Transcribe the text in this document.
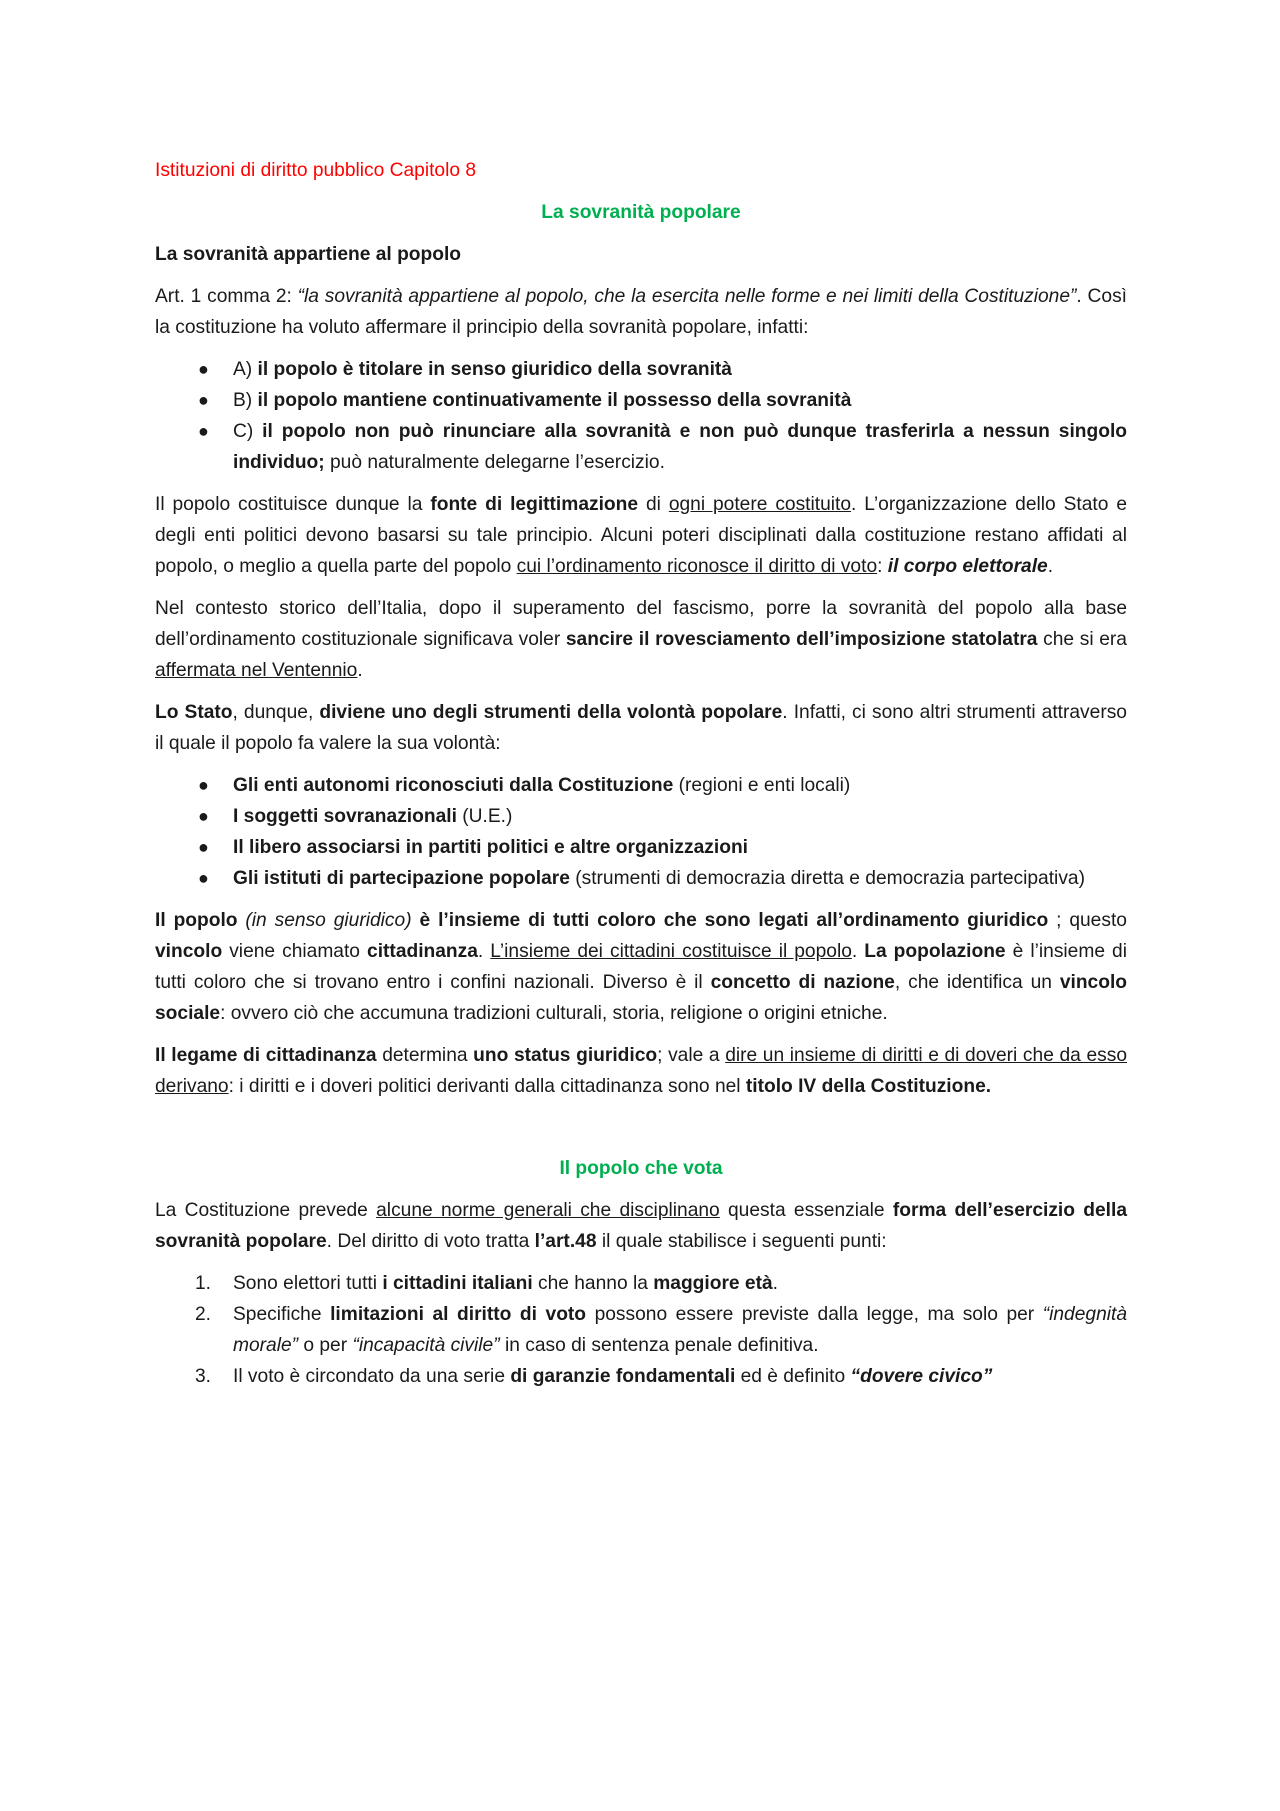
Istituzioni di diritto pubblico Capitolo 8
La sovranità popolare
La sovranità appartiene al popolo

Art. 1 comma 2: “la sovranità appartiene al popolo, che la esercita nelle forme e nei limiti della Costituzione”. Così la costituzione ha voluto affermare il principio della sovranità popolare, infatti:

● A) il popolo è titolare in senso giuridico della sovranità
● B) il popolo mantiene continuativamente il possesso della sovranità
● C) il popolo non può rinunciare alla sovranità e non può dunque trasferirla a nessun singolo individuo; può naturalmente delegarne l’esercizio.

Il popolo costituisce dunque la fonte di legittimazione di ogni potere costituito. L’organizzazione dello Stato e degli enti politici devono basarsi su tale principio. Alcuni poteri disciplinati dalla costituzione restano affidati al popolo, o meglio a quella parte del popolo cui l’ordinamento riconosce il diritto di voto: il corpo elettorale.

Nel contesto storico dell’Italia, dopo il superamento del fascismo, porre la sovranità del popolo alla base dell’ordinamento costituzionale significava voler sancire il rovesciamento dell’imposizione statolatra che si era affermata nel Ventennio.

Lo Stato, dunque, diviene uno degli strumenti della volontà popolare. Infatti, ci sono altri strumenti attraverso il quale il popolo fa valere la sua volontà:

● Gli enti autonomi riconosciuti dalla Costituzione (regioni e enti locali)
● I soggetti sovranazionali (U.E.)
● Il libero associarsi in partiti politici e altre organizzazioni
● Gli istituti di partecipazione popolare (strumenti di democrazia diretta e democrazia partecipativa)

Il popolo (in senso giuridico) è l’insieme di tutti coloro che sono legati all’ordinamento giuridico ; questo vincolo viene chiamato cittadinanza. L’insieme dei cittadini costituisce il popolo. La popolazione è l’insieme di tutti coloro che si trovano entro i confini nazionali. Diverso è il concetto di nazione, che identifica un vincolo sociale: ovvero ciò che accumuna tradizioni culturali, storia, religione o origini etniche.

Il legame di cittadinanza determina uno status giuridico; vale a dire un insieme di diritti e di doveri che da esso derivano: i diritti e i doveri politici derivanti dalla cittadinanza sono nel titolo IV della Costituzione.

Il popolo che vota

La Costituzione prevede alcune norme generali che disciplinano questa essenziale forma dell’esercizio della sovranità popolare. Del diritto di voto tratta l’art.48 il quale stabilisce i seguenti punti:

1. Sono elettori tutti i cittadini italiani che hanno la maggiore età.
2. Specifiche limitazioni al diritto di voto possono essere previste dalla legge, ma solo per “indegnità morale” o per “incapacità civile” in caso di sentenza penale definitiva.
3. Il voto è circondato da una serie di garanzie fondamentali ed è definito “dovere civico”
